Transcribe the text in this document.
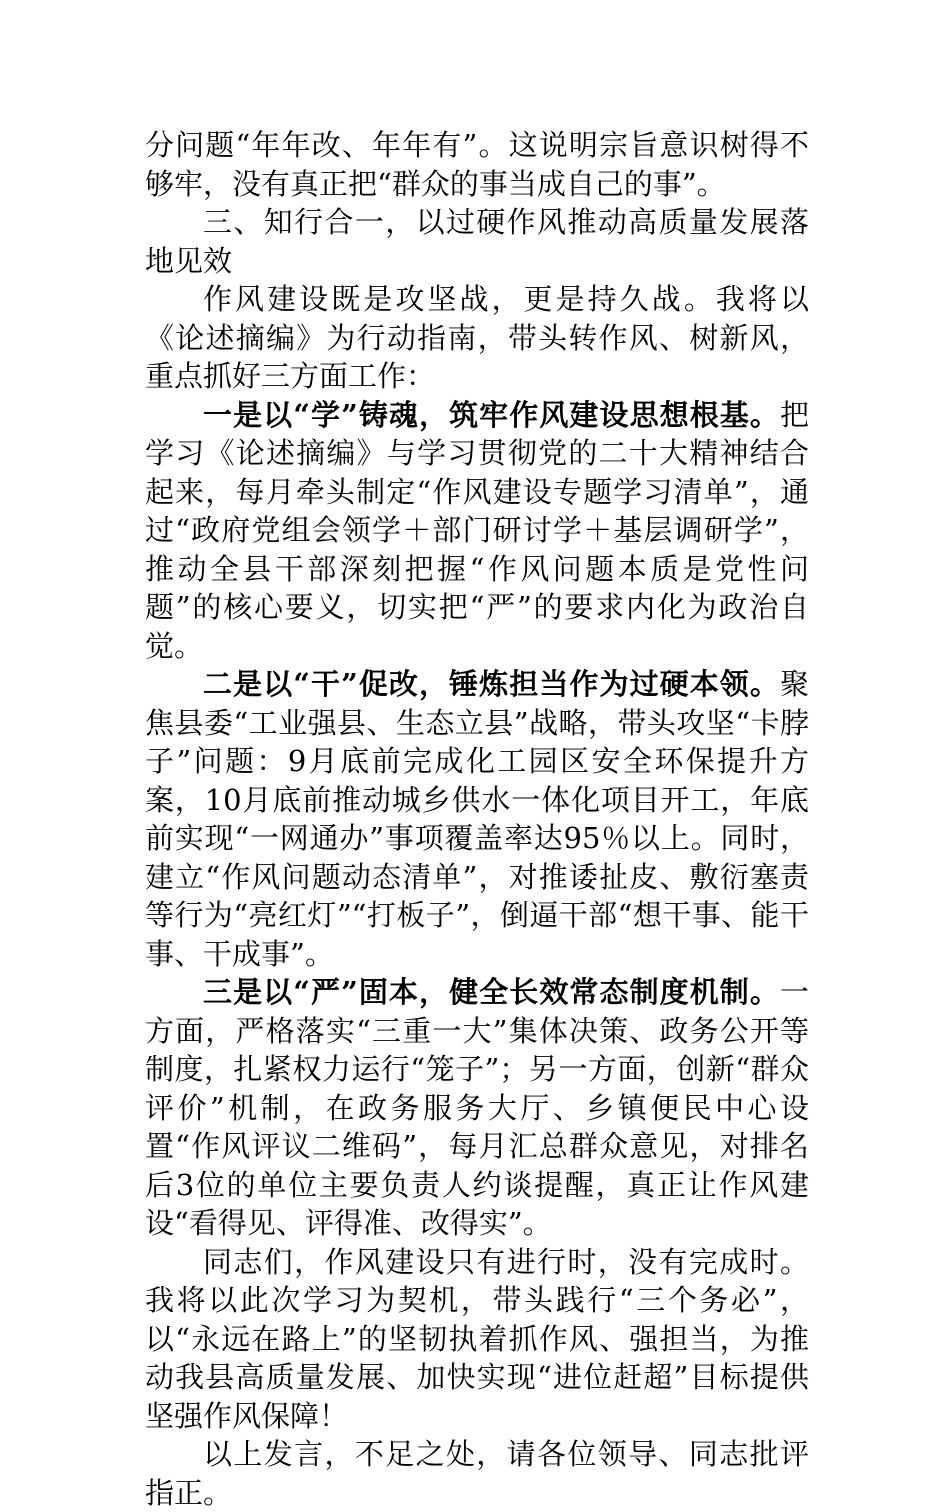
分问题“年年改、年年有”。这说明宗旨意识树得不够牢，没有真正把“群众的事当成自己的事”。

三、知行合一，以过硬作风推动高质量发展落地见效

作风建设既是攻坚战，更是持久战。我将以《论述摘编》为行动指南，带头转作风、树新风，重点抓好三方面工作：

一是以“学”铸魂，筑牢作风建设思想根基。把学习《论述摘编》与学习贯彻党的二十大精神结合起来，每月牵头制定“作风建设专题学习清单”，通过“政府党组会领学＋部门研讨学＋基层调研学”，推动全县干部深刻把握“作风问题本质是党性问题”的核心要义，切实把“严”的要求内化为政治自觉。

二是以“干”促改，锤炼担当作为过硬本领。聚焦县委“工业强县、生态立县”战略，带头攻坚“卡脖子”问题：9月底前完成化工园区安全环保提升方案，10月底前推动城乡供水一体化项目开工，年底前实现“一网通办”事项覆盖率达95％以上。同时，建立“作风问题动态清单”，对推诿扯皮、敷衍塞责等行为“亮红灯”“打板子”，倒逼干部“想干事、能干事、干成事”。

三是以“严”固本，健全长效常态制度机制。一方面，严格落实“三重一大”集体决策、政务公开等制度，扎紧权力运行“笼子”；另一方面，创新“群众评价”机制，在政务服务大厅、乡镇便民中心设置“作风评议二维码”，每月汇总群众意见，对排名后3位的单位主要负责人约谈提醒，真正让作风建设“看得见、评得准、改得实”。

同志们，作风建设只有进行时，没有完成时。我将以此次学习为契机，带头践行“三个务必”，以“永远在路上”的坚韧执着抓作风、强担当，为推动我县高质量发展、加快实现“进位赶超”目标提供坚强作风保障！

以上发言，不足之处，请各位领导、同志批评指正。
